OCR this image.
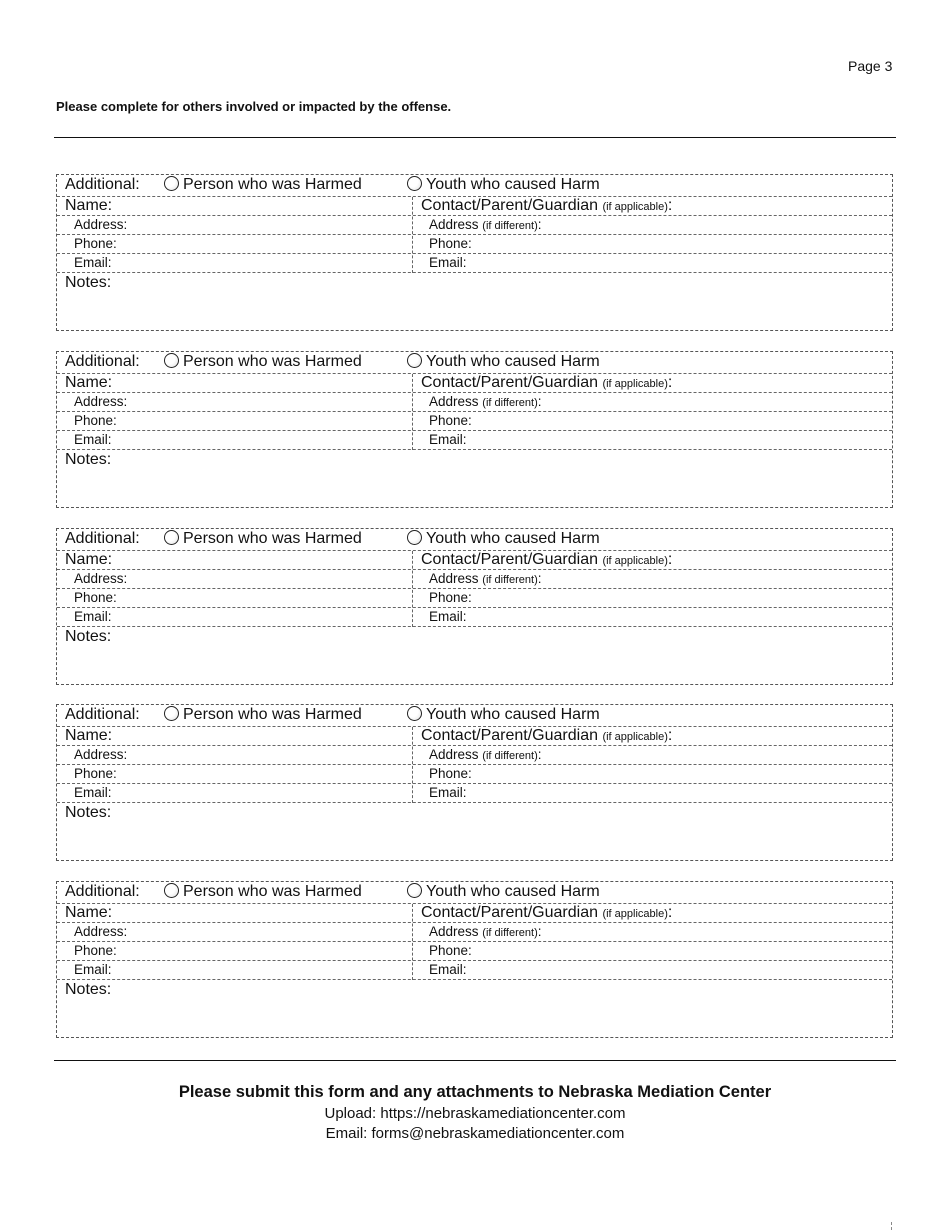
Page 3
Please complete for others involved or impacted by the offense.
Additional:	Person who was Harmed	Youth who caused Harm
Name:	Contact/Parent/Guardian (if applicable):
Address:	Address (if different):
Phone:	Phone:
Email:	Email:
Notes:
Additional:	Person who was Harmed	Youth who caused Harm
Name:	Contact/Parent/Guardian (if applicable):
Address:	Address (if different):
Phone:	Phone:
Email:	Email:
Notes:
Additional:	Person who was Harmed	Youth who caused Harm
Name:	Contact/Parent/Guardian (if applicable):
Address:	Address (if different):
Phone:	Phone:
Email:	Email:
Notes:
Additional:	Person who was Harmed	Youth who caused Harm
Name:	Contact/Parent/Guardian (if applicable):
Address:	Address (if different):
Phone:	Phone:
Email:	Email:
Notes:
Additional:	Person who was Harmed	Youth who caused Harm
Name:	Contact/Parent/Guardian (if applicable):
Address:	Address (if different):
Phone:	Phone:
Email:	Email:
Notes:
Please submit this form and any attachments to Nebraska Mediation Center
Upload: https://nebraskamediationcenter.com
Email: forms@nebraskamediationcenter.com
